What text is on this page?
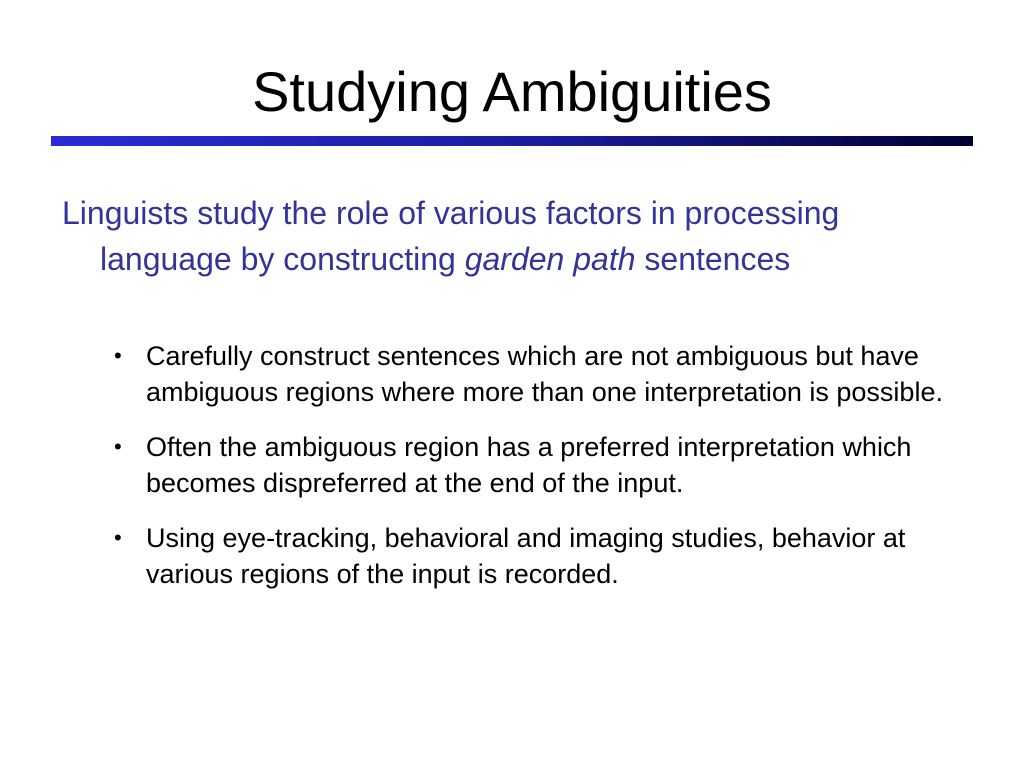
Studying Ambiguities

Linguists study the role of various factors in processing language by constructing garden path sentences

• Carefully construct sentences which are not ambiguous but have ambiguous regions where more than one interpretation is possible.
• Often the ambiguous region has a preferred interpretation which becomes dispreferred at the end of the input.
• Using eye-tracking, behavioral and imaging studies, behavior at various regions of the input is recorded.
